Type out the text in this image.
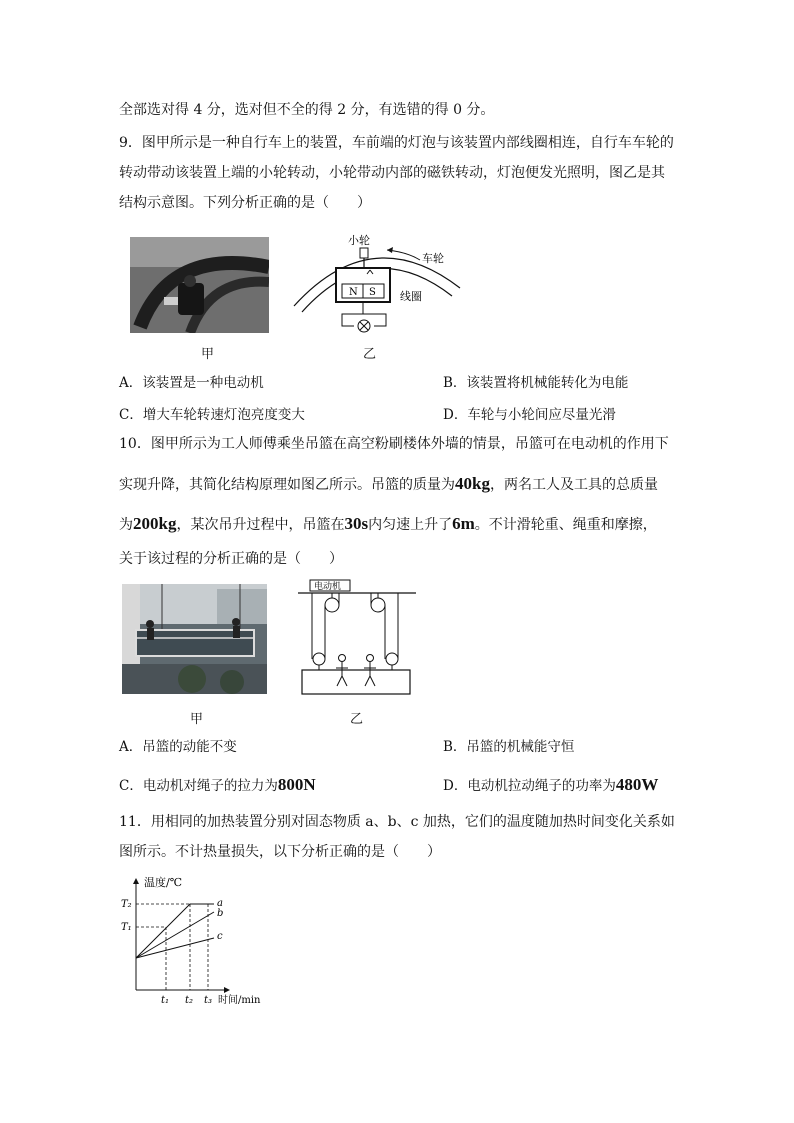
全部选对得 4 分，选对但不全的得 2 分，有选错的得 0 分。
9．图甲所示是一种自行车上的装置，车前端的灯泡与该装置内部线圈相连，自行车车轮的
转动带动该装置上端的小轮转动，小轮带动内部的磁铁转动，灯泡便发光照明，图乙是其
结构示意图。下列分析正确的是（　　）
甲
N S
小轮
车轮
线圈
乙
A．该装置是一种电动机	B．该装置将机械能转化为电能
C．增大车轮转速灯泡亮度变大	D．车轮与小轮间应尽量光滑
10．图甲所示为工人师傅乘坐吊篮在高空粉刷楼体外墙的情景，吊篮可在电动机的作用下
实现升降，其简化结构原理如图乙所示。吊篮的质量为40kg，两名工人及工具的总质量
为200kg，某次吊升过程中，吊篮在30s内匀速上升了6m。不计滑轮重、绳重和摩擦，
关于该过程的分析正确的是（　　）
甲
电动机
乙
A．吊篮的动能不变	B．吊篮的机械能守恒
C．电动机对绳子的拉力为800N	D．电动机拉动绳子的功率为480W
11．用相同的加热装置分别对固态物质 a、b、c 加热，它们的温度随加热时间变化关系如
图所示。不计热量损失，以下分析正确的是（　　）
温度/℃
时间/min
T₂
T₁
t₁ t₂ t₃
a
b
c
